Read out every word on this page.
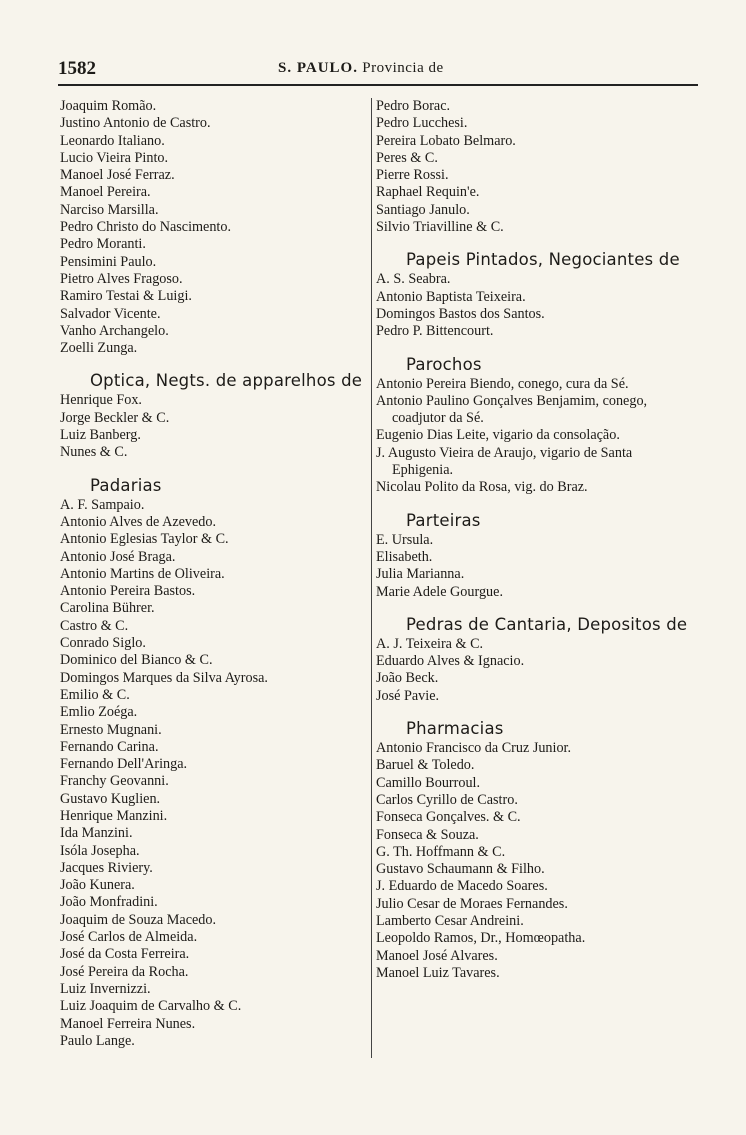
1582	S. PAULO. Provincia de
Joaquim Romão.
Justino Antonio de Castro.
Leonardo Italiano.
Lucio Vieira Pinto.
Manoel José Ferraz.
Manoel Pereira.
Narciso Marsilla.
Pedro Christo do Nascimento.
Pedro Moranti.
Pensimini Paulo.
Pietro Alves Fragoso.
Ramiro Testai & Luigi.
Salvador Vicente.
Vanho Archangelo.
Zoelli Zunga.
Optica, Negts. de apparelhos de
Henrique Fox.
Jorge Beckler & C.
Luiz Banberg.
Nunes & C.
Padarias
A. F. Sampaio.
Antonio Alves de Azevedo.
Antonio Eglesias Taylor & C.
Antonio José Braga.
Antonio Martins de Oliveira.
Antonio Pereira Bastos.
Carolina Bührer.
Castro & C.
Conrado Siglo.
Dominico del Bianco & C.
Domingos Marques da Silva Ayrosa.
Emilio & C.
Emlio Zoéga.
Ernesto Mugnani.
Fernando Carina.
Fernando Dell'Aringa.
Franchy Geovanni.
Gustavo Kuglien.
Henrique Manzini.
Ida Manzini.
Isóla Josepha.
Jacques Riviery.
João Kunera.
João Monfradini.
Joaquim de Souza Macedo.
José Carlos de Almeida.
José da Costa Ferreira.
José Pereira da Rocha.
Luiz Invernizzi.
Luiz Joaquim de Carvalho & C.
Manoel Ferreira Nunes.
Paulo Lange.
Pedro Borac.
Pedro Lucchesi.
Pereira Lobato Belmaro.
Peres & C.
Pierre Rossi.
Raphael Requin'e.
Santiago Janulo.
Silvio Triavilline & C.
Papeis Pintados, Negociantes de
A. S. Seabra.
Antonio Baptista Teixeira.
Domingos Bastos dos Santos.
Pedro P. Bittencourt.
Parochos
Antonio Pereira Biendo, conego, cura da Sé.
Antonio Paulino Gonçalves Benjamim, conego, coadjutor da Sé.
Eugenio Dias Leite, vigario da consolação.
J. Augusto Vieira de Araujo, vigario de Santa Ephigenia.
Nicolau Polito da Rosa, vig. do Braz.
Parteiras
E. Ursula.
Elisabeth.
Julia Marianna.
Marie Adele Gourgue.
Pedras de Cantaria, Depositos de
A. J. Teixeira & C.
Eduardo Alves & Ignacio.
João Beck.
José Pavie.
Pharmacias
Antonio Francisco da Cruz Junior.
Baruel & Toledo.
Camillo Bourroul.
Carlos Cyrillo de Castro.
Fonseca Gonçalves. & C.
Fonseca & Souza.
G. Th. Hoffmann & C.
Gustavo Schaumann & Filho.
J. Eduardo de Macedo Soares.
Julio Cesar de Moraes Fernandes.
Lamberto Cesar Andreini.
Leopoldo Ramos, Dr., Homœopatha.
Manoel José Alvares.
Manoel Luiz Tavares.
